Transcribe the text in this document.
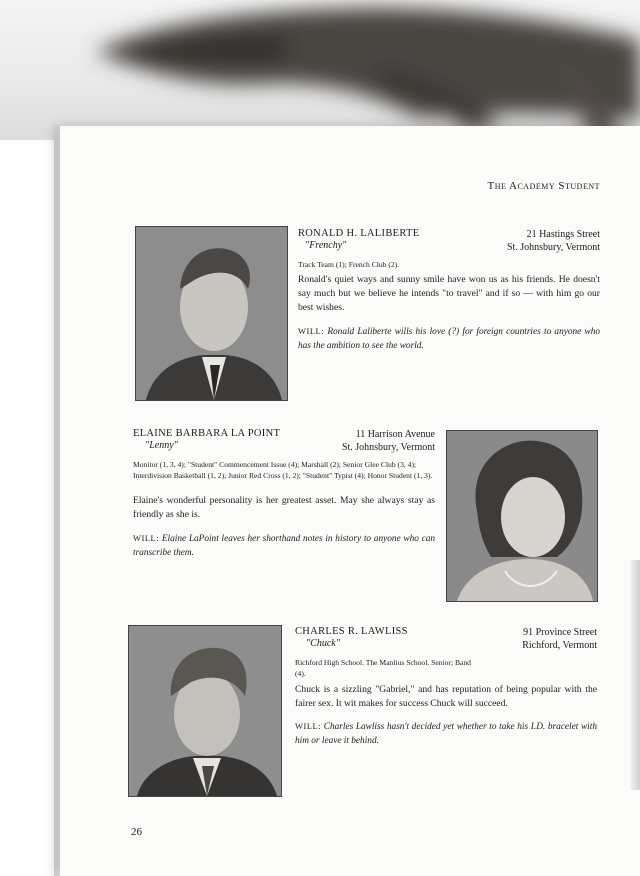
The Academy Student
RONALD H. LALIBERTE
"Frenchy"
21 Hastings Street
St. Johnsbury, Vermont
Track Team (1); French Club (2).
Ronald's quiet ways and sunny smile have won us as his friends. He doesn't say much but we believe he intends "to travel" and if so — with him go our best wishes.
WILL: Ronald Laliberte wills his love (?) for foreign countries to anyone who has the ambition to see the world.
ELAINE BARBARA LA POINT
"Lenny"
11 Harrison Avenue
St. Johnsbury, Vermont
Monitor (1, 3, 4); "Student" Commencement Issue (4); Marshall (2); Senior Glee Club (3, 4); Interdivision Basketball (1, 2); Junior Red Cross (1, 2); "Student" Typist (4); Honor Student (1, 3).
Elaine's wonderful personality is her greatest asset. May she always stay as friendly as she is.
WILL: Elaine LaPoint leaves her shorthand notes in history to anyone who can transcribe them.
CHARLES R. LAWLISS
"Chuck"
91 Province Street
Richford, Vermont
Richford High School. The Manlius School. Senior; Band (4).
Chuck is a sizzling "Gabriel," and has reputation of being popular with the fairer sex. It wit makes for success Chuck will succeed.
WILL: Charles Lawliss hasn't decided yet whether to take his I.D. bracelet with him or leave it behind.
26
